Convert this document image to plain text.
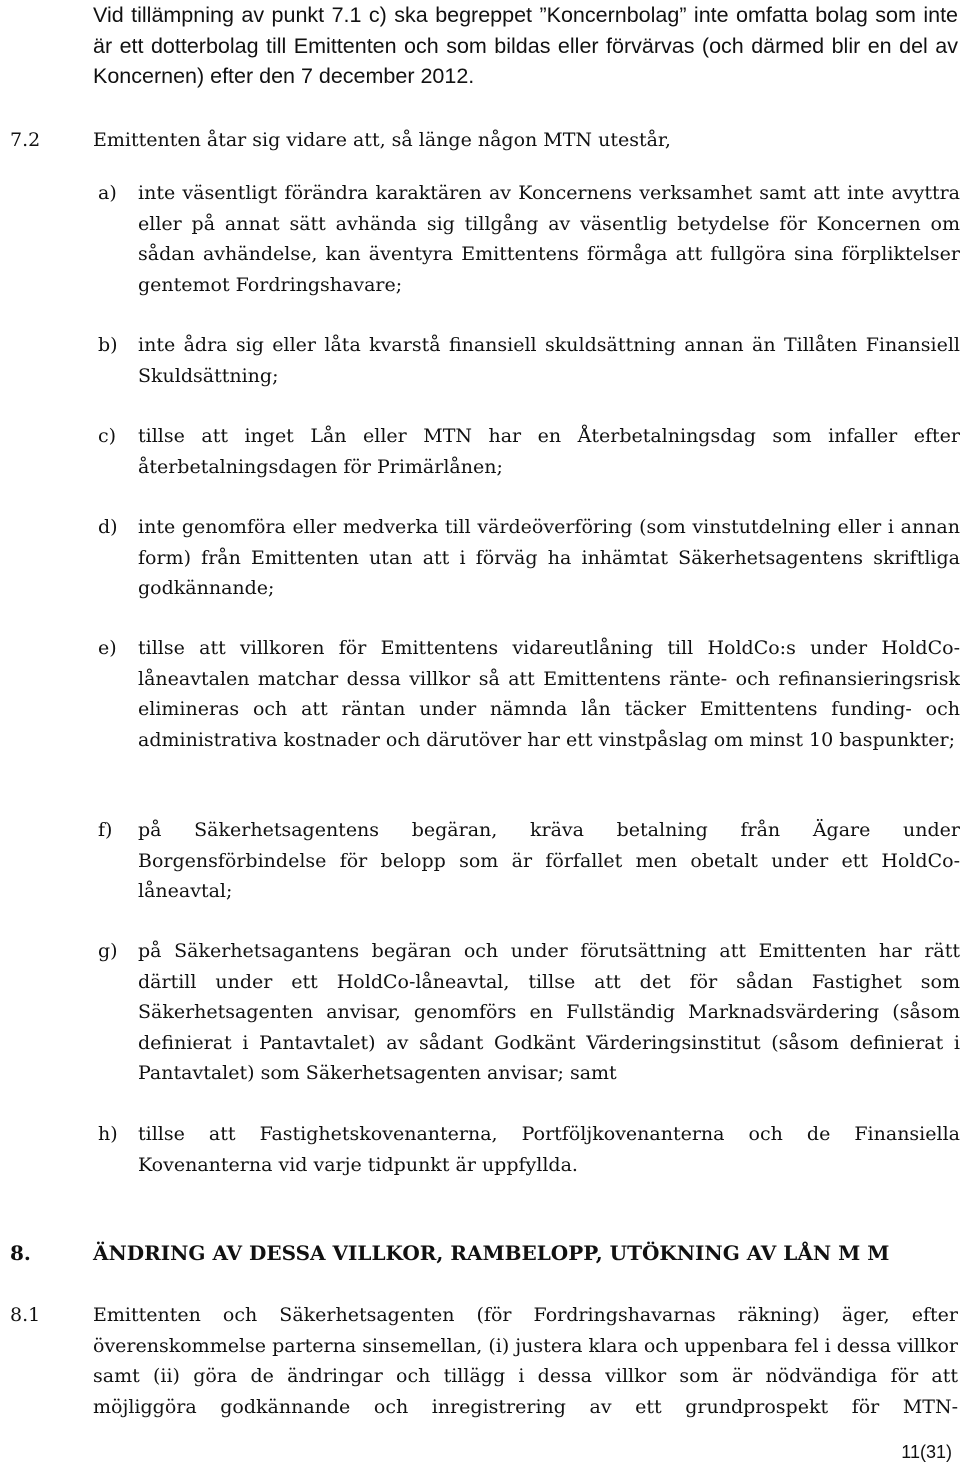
Vid tillämpning av punkt 7.1 c) ska begreppet ”Koncernbolag” inte omfatta bolag som inte är ett dotterbolag till Emittenten och som bildas eller förvärvas (och därmed blir en del av Koncernen) efter den 7 december 2012.

7.2	Emittenten åtar sig vidare att, så länge någon MTN utestår,

a) inte väsentligt förändra karaktären av Koncernens verksamhet samt att inte avyttra eller på annat sätt avhända sig tillgång av väsentlig betydelse för Koncernen om sådan avhändelse, kan äventyra Emittentens förmåga att fullgöra sina förpliktelser gentemot Fordringshavare;

b) inte ådra sig eller låta kvarstå finansiell skuldsättning annan än Tillåten Finansiell Skuldsättning;

c) tillse att inget Lån eller MTN har en Återbetalningsdag som infaller efter återbetalningsdagen för Primärlånen;

d) inte genomföra eller medverka till värdeöverföring (som vinstutdelning eller i annan form) från Emittenten utan att i förväg ha inhämtat Säkerhetsagentens skriftliga godkännande;

e) tillse att villkoren för Emittentens vidareutlåning till HoldCo:s under HoldCo-låneavtalen matchar dessa villkor så att Emittentens ränte- och refinansieringsrisk elimineras och att räntan under nämnda lån täcker Emittentens funding- och administrativa kostnader och därutöver har ett vinstpåslag om minst 10 baspunkter;

f) på Säkerhetsagentens begäran, kräva betalning från Ägare under Borgensförbindelse för belopp som är förfallet men obetalt under ett HoldCo-låneavtal;

g) på Säkerhetsagantens begäran och under förutsättning att Emittenten har rätt därtill under ett HoldCo-låneavtal, tillse att det för sådan Fastighet som Säkerhetsagenten anvisar, genomförs en Fullständig Marknadsvärdering (såsom definierat i Pantavtalet) av sådant Godkänt Värderingsinstitut (såsom definierat i Pantavtalet) som Säkerhetsagenten anvisar; samt

h) tillse att Fastighetskovenanterna, Portföljkovenanterna och de Finansiella Kovenanterna vid varje tidpunkt är uppfyllda.

8.	ÄNDRING AV DESSA VILLKOR, RAMBELOPP, UTÖKNING AV LÅN M M
8.1	Emittenten och Säkerhetsagenten (för Fordringshavarnas räkning) äger, efter överenskommelse parterna sinsemellan, (i) justera klara och uppenbara fel i dessa villkor samt (ii) göra de ändringar och tillägg i dessa villkor som är nödvändiga för att möjliggöra godkännande och inregistrering av ett grundprospekt för MTN-

11(31)
